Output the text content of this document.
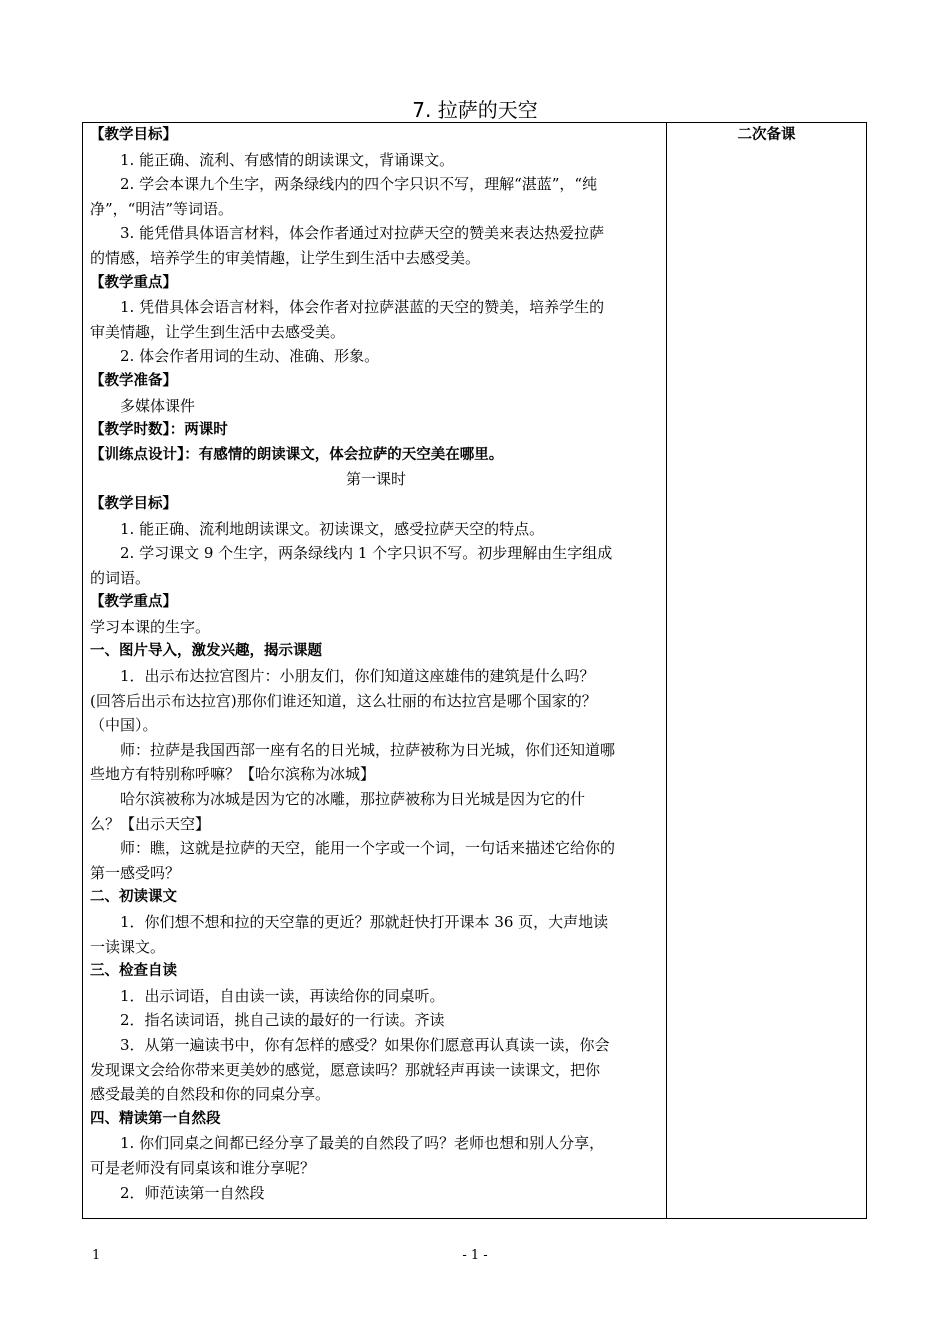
7. 拉萨的天空
【教学目标】
1. 能正确、流利、有感情的朗读课文，背诵课文。
2. 学会本课九个生字，两条绿线内的四个字只识不写，理解“湛蓝”，“纯
净”，“明洁”等词语。
3. 能凭借具体语言材料，体会作者通过对拉萨天空的赞美来表达热爱拉萨
的情感，培养学生的审美情趣，让学生到生活中去感受美。
【教学重点】
1. 凭借具体会语言材料，体会作者对拉萨湛蓝的天空的赞美，培养学生的
审美情趣，让学生到生活中去感受美。
2. 体会作者用词的生动、准确、形象。
【教学准备】
多媒体课件
【教学时数】：两课时
【训练点设计】：有感情的朗读课文，体会拉萨的天空美在哪里。
第一课时
【教学目标】
1. 能正确、流利地朗读课文。初读课文，感受拉萨天空的特点。
2. 学习课文 9 个生字，两条绿线内 1 个字只识不写。初步理解由生字组成
的词语。
【教学重点】
学习本课的生字。
一、图片导入，激发兴趣，揭示课题
1．出示布达拉宫图片：小朋友们，你们知道这座雄伟的建筑是什么吗？
(回答后出示布达拉宫)那你们谁还知道，这么壮丽的布达拉宫是哪个国家的？
（中国）。
师：拉萨是我国西部一座有名的日光城，拉萨被称为日光城，你们还知道哪
些地方有特别称呼嘛？【哈尔滨称为冰城】
哈尔滨被称为冰城是因为它的冰雕，那拉萨被称为日光城是因为它的什
么？【出示天空】
师：瞧，这就是拉萨的天空，能用一个字或一个词，一句话来描述它给你的
第一感受吗？
二、初读课文
1．你们想不想和拉的天空靠的更近？那就赶快打开课本 36 页，大声地读
一读课文。
三、检查自读
1．出示词语，自由读一读，再读给你的同桌听。
2．指名读词语，挑自己读的最好的一行读。齐读
3．从第一遍读书中，你有怎样的感受？如果你们愿意再认真读一读，你会
发现课文会给你带来更美妙的感觉，愿意读吗？那就轻声再读一读课文，把你
感受最美的自然段和你的同桌分享。
四、精读第一自然段
1. 你们同桌之间都已经分享了最美的自然段了吗？老师也想和别人分享，
可是老师没有同桌该和谁分享呢？
2．师范读第一自然段
二次备课
1	- 1 -
